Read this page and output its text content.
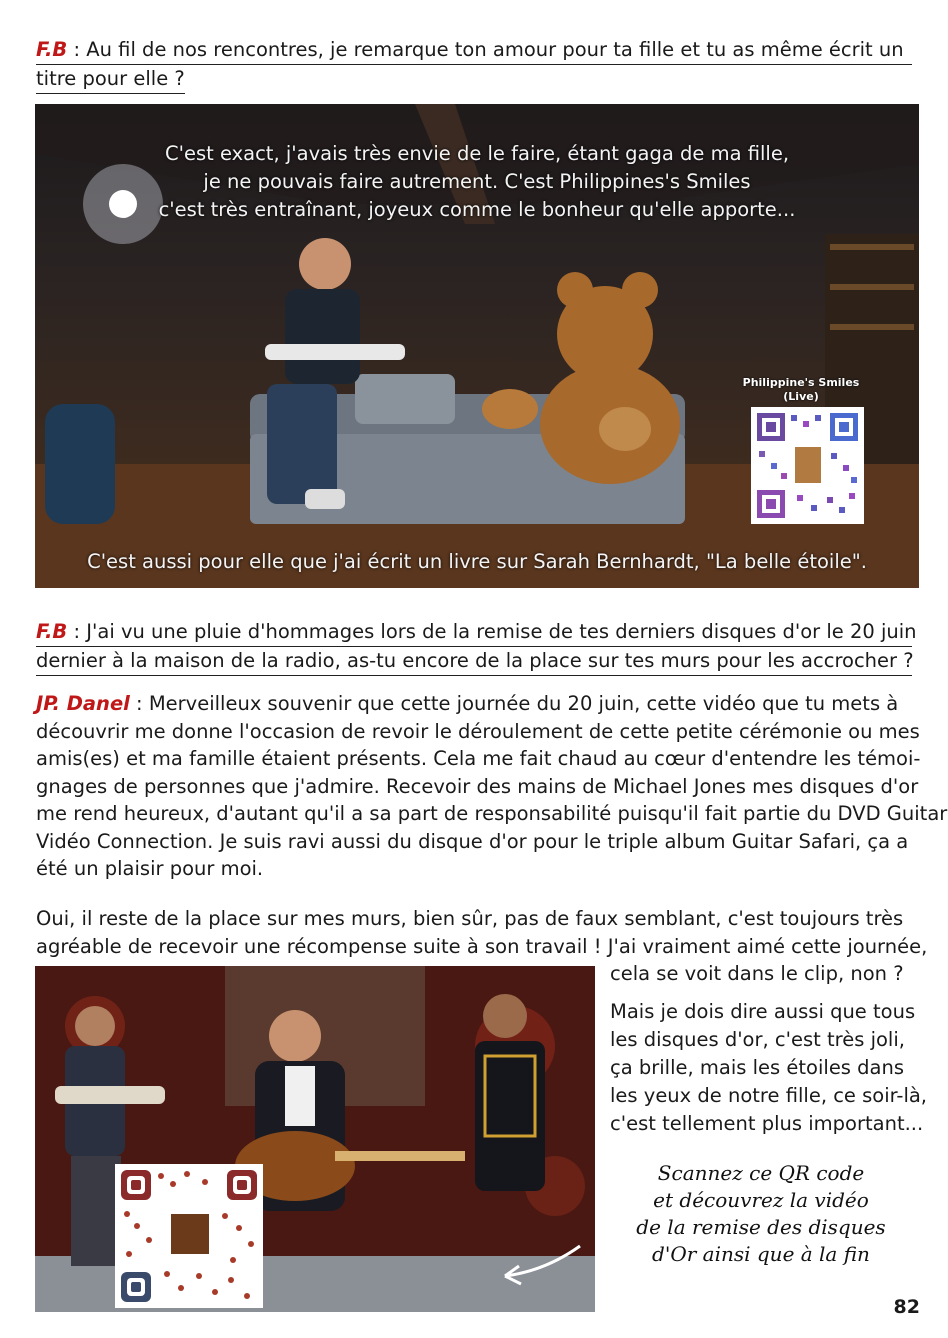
F.B : Au fil de nos rencontres, je remarque ton amour pour ta fille et tu as même écrit un
titre pour elle ?
C'est exact, j'avais très envie de le faire, étant gaga de ma fille,
je ne pouvais faire autrement. C'est Philippines's Smiles
c'est très entraînant, joyeux comme le bonheur qu'elle apporte...
Philippine's Smiles
(Live)
C'est aussi pour elle que j'ai écrit un livre sur Sarah Bernhardt, "La belle étoile".
F.B : J'ai vu une pluie d'hommages lors de la remise de tes derniers disques d'or le 20 juin
dernier à la maison de la radio, as-tu encore de la place sur tes murs pour les accrocher ?
JP. Danel : Merveilleux souvenir que cette journée du 20 juin, cette vidéo que tu mets à
découvrir me donne l'occasion de revoir le déroulement de cette petite cérémonie ou mes
amis(es) et ma famille étaient présents. Cela me fait chaud au cœur d'entendre les témoi-
gnages de personnes que j'admire. Recevoir des mains de Michael Jones mes disques d'or
me rend heureux, d'autant qu'il a sa part de responsabilité puisqu'il fait partie du DVD Guitar
Vidéo Connection. Je suis ravi aussi du disque d'or pour le triple album Guitar Safari, ça a
été un plaisir pour moi.
Oui, il reste de la place sur mes murs, bien sûr, pas de faux semblant, c'est toujours très
agréable de recevoir une récompense suite à son travail ! J'ai vraiment aimé cette journée,
cela se voit dans le clip, non ?
Mais je dois dire aussi que tous
les disques d'or, c'est très joli,
ça brille, mais les étoiles dans
les yeux de notre fille, ce soir-là,
c'est tellement plus important...
Scannez ce QR code
et découvrez la vidéo
de la remise des disques
d'Or ainsi que à la fin
82
